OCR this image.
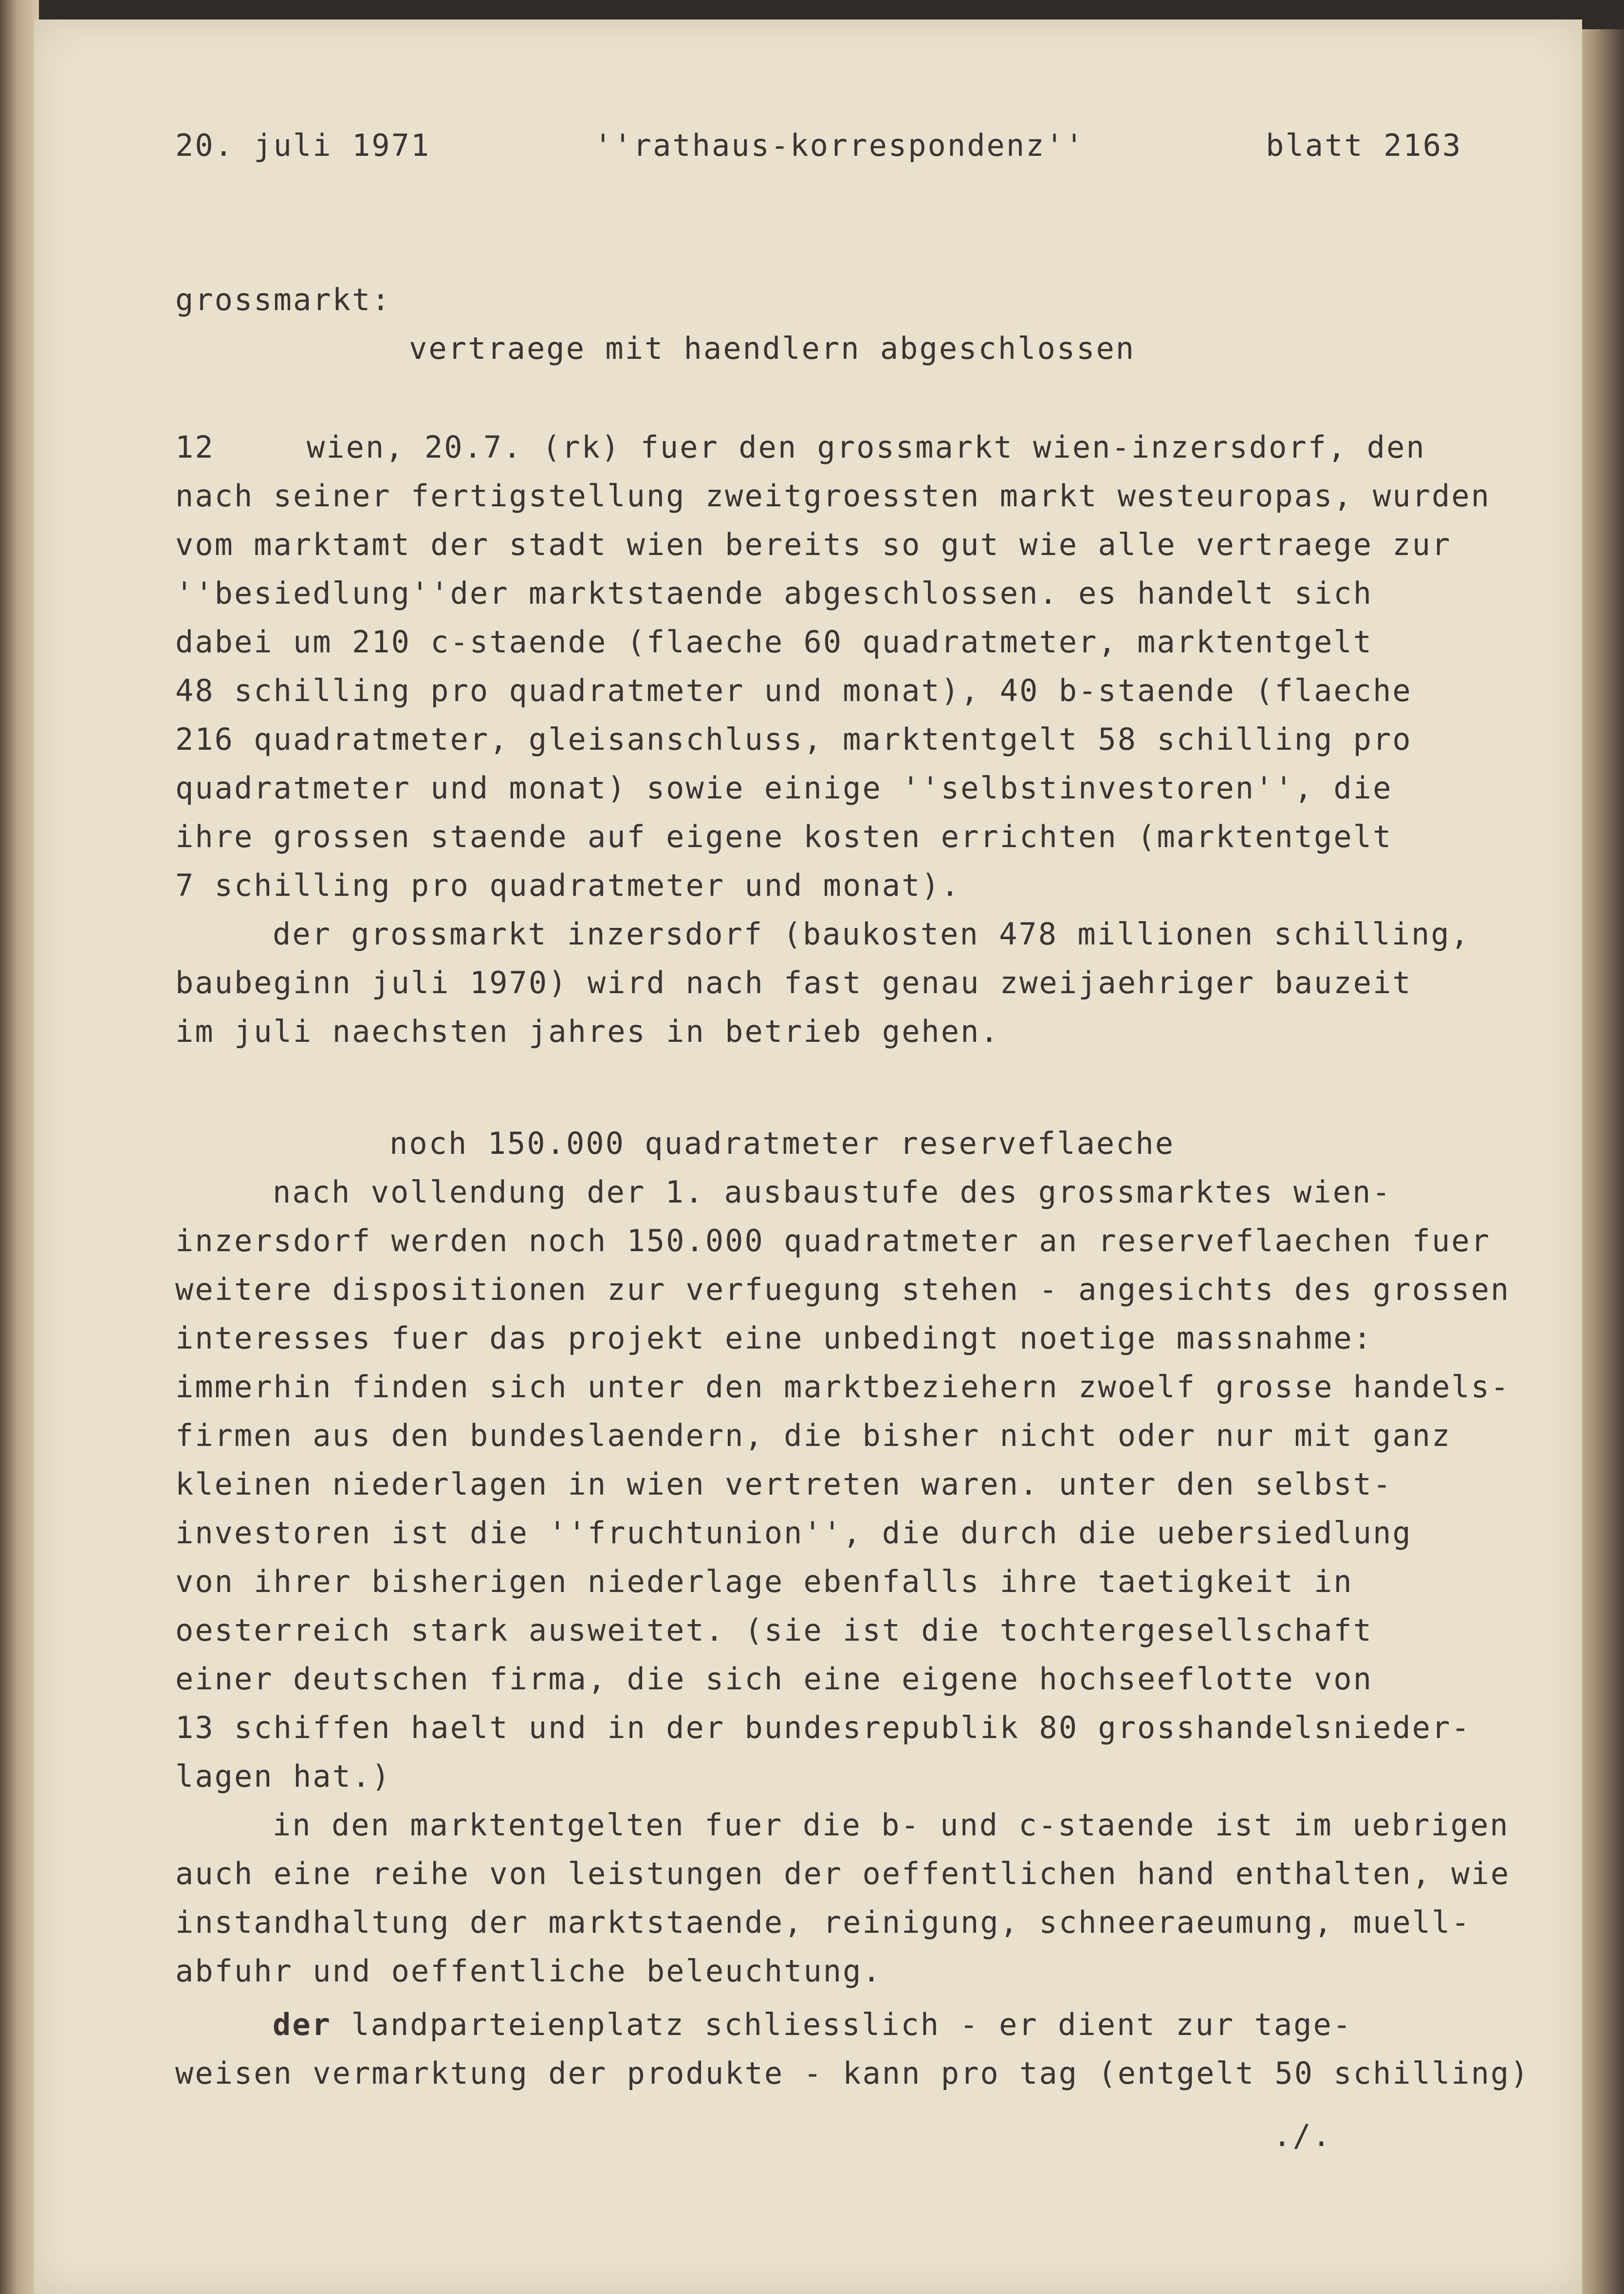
20. juli 1971	''rathaus-korrespondenz''	blatt 2163
grossmarkt:
vertraege mit haendlern abgeschlossen
12	wien, 20.7. (rk) fuer den grossmarkt wien-inzersdorf, den
nach seiner fertigstellung zweitgroessten markt westeuropas, wurden
vom marktamt der stadt wien bereits so gut wie alle vertraege zur
''besiedlung''der marktstaende abgeschlossen. es handelt sich
dabei um 210 c-staende (flaeche 60 quadratmeter, marktentgelt
48 schilling pro quadratmeter und monat), 40 b-staende (flaeche
216 quadratmeter, gleisanschluss, marktentgelt 58 schilling pro
quadratmeter und monat) sowie einige ''selbstinvestoren'', die
ihre grossen staende auf eigene kosten errichten (marktentgelt
7 schilling pro quadratmeter und monat).
der grossmarkt inzersdorf (baukosten 478 millionen schilling,
baubeginn juli 1970) wird nach fast genau zweijaehriger bauzeit
im juli naechsten jahres in betrieb gehen.
noch 150.000 quadratmeter reserveflaeche
nach vollendung der 1. ausbaustufe des grossmarktes wien-
inzersdorf werden noch 150.000 quadratmeter an reserveflaechen fuer
weitere dispositionen zur verfuegung stehen - angesichts des grossen
interesses fuer das projekt eine unbedingt noetige massnahme:
immerhin finden sich unter den marktbeziehern zwoelf grosse handels-
firmen aus den bundeslaendern, die bisher nicht oder nur mit ganz
kleinen niederlagen in wien vertreten waren. unter den selbst-
investoren ist die ''fruchtunion'', die durch die uebersiedlung
von ihrer bisherigen niederlage ebenfalls ihre taetigkeit in
oesterreich stark ausweitet. (sie ist die tochtergesellschaft
einer deutschen firma, die sich eine eigene hochseeflotte von
13 schiffen haelt und in der bundesrepublik 80 grosshandelsnieder-
lagen hat.)
in den marktentgelten fuer die b- und c-staende ist im uebrigen
auch eine reihe von leistungen der oeffentlichen hand enthalten, wie
instandhaltung der marktstaende, reinigung, schneeraeumung, muell-
abfuhr und oeffentliche beleuchtung.
der landparteienplatz schliesslich - er dient zur tage-
weisen vermarktung der produkte - kann pro tag (entgelt 50 schilling)
./.
